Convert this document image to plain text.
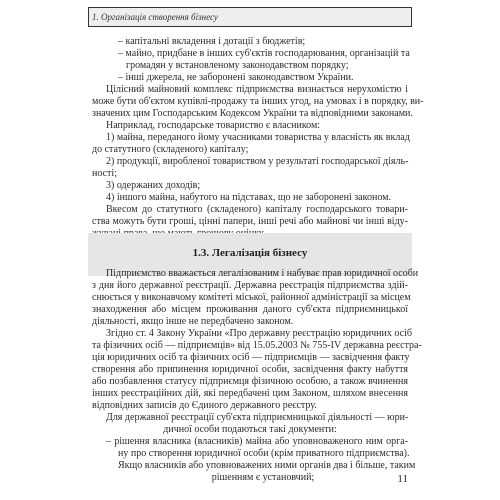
1. Організація створення бізнесу
– капітальні вкладення і дотації з бюджетів;
– майно, придбане в інших суб'єктів господарювання, організацій та
громадян у встановленому законодавством порядку;
– інші джерела, не заборонені законодавством України.
Цілісний майновий комплекс підприємства визнається нерухомістю і
може бути об'єктом купівлі-продажу та інших угод, на умовах і в порядку, ви-
значених цим Господарським Кодексом України та відповідними законами.
Наприклад, господарське товариство є власником:
1) майна, переданого йому учасниками товариства у власність як вклад
до статутного (складеного) капіталу;
2) продукції, виробленої товариством у результаті господарської діяль-
ності;
3) одержаних доходів;
4) іншого майна, набутого на підставах, що не заборонені законом.
Вкесом до статутного (складеного) капіталу господарського товари-
ства можуть бути гроші, цінні папери, інші речі або майнові чи інші віду-
1.3. Легалізація бізнесу
Підприємство вважається легалізованим і набуває прав юридичної особи
з дня його державної реєстрації. Державна реєстрація підприємства здій-
снюється у виконавчому комітеті міської, районної адміністрації за місцем
знаходження або місцем проживання даного суб'єкта підприємницької
діяльності, якщо інше не передбачено законом.
Згідно ст. 4 Закону України «Про державну реєстрацію юридичних осіб
та фізичних осіб — підприємців» від 15.05.2003 № 755-IV державна реєстра-
ція юридичних осіб та фізичних осіб — підприємців — засвідчення факту
створення або припинення юридичної особи, засвідчення факту набуття
або позбавлення статусу підприємця фізичною особою, а також вчинення
інших реєстраційних дій, які передбачені цим Законом, шляхом внесення
відповідних записів до Єдиного державного реєстру.
Для державної реєстрації суб'єкта підприємницької діяльності — юри-
дичної особи подаються такі документи:
– рішення власника (власників) майна або уповноваженого ним орга-
ну про створення юридичної особи (крім приватного підприємства).
Якщо власників або уповноважених ними органів два і більше, таким
рішенням є установчий;	11
